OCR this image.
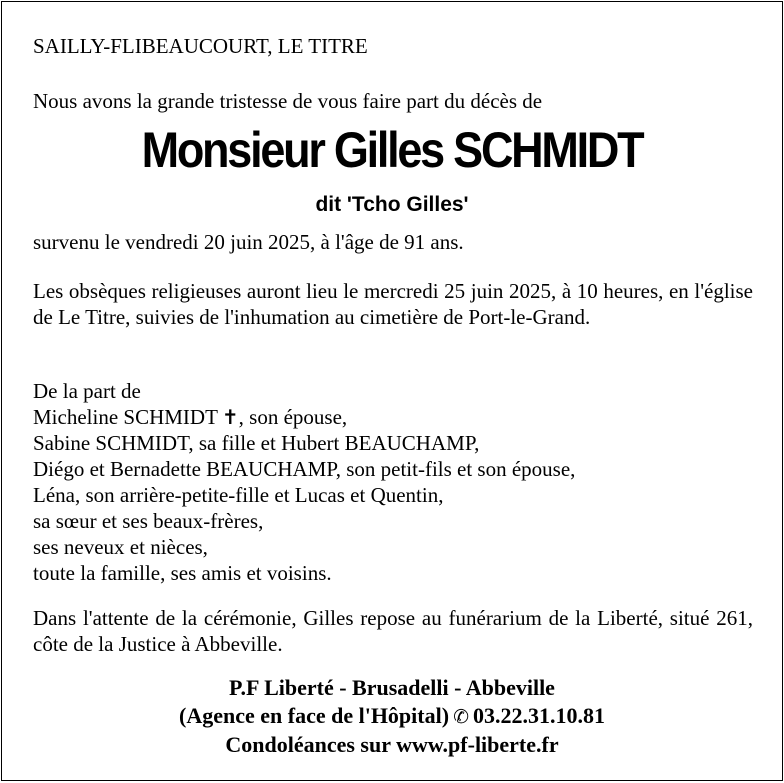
SAILLY-FLIBEAUCOURT, LE TITRE
Nous avons la grande tristesse de vous faire part du décès de
Monsieur Gilles SCHMIDT
dit 'Tcho Gilles'
survenu le vendredi 20 juin 2025, à l'âge de 91 ans.
Les obsèques religieuses auront lieu le mercredi 25 juin 2025, à 10 heures, en l'église de Le Titre, suivies de l'inhumation au cimetière de Port-le-Grand.
De la part de
Micheline SCHMIDT ✝, son épouse,
Sabine SCHMIDT, sa fille et Hubert BEAUCHAMP,
Diégo et Bernadette BEAUCHAMP, son petit-fils et son épouse,
Léna, son arrière-petite-fille et Lucas et Quentin,
sa sœur et ses beaux-frères,
ses neveux et nièces,
toute la famille, ses amis et voisins.
Dans l'attente de la cérémonie, Gilles repose au funérarium de la Liberté, situé 261, côte de la Justice à Abbeville.
P.F Liberté - Brusadelli - Abbeville
(Agence en face de l'Hôpital) ✆ 03.22.31.10.81
Condoléances sur www.pf-liberte.fr
